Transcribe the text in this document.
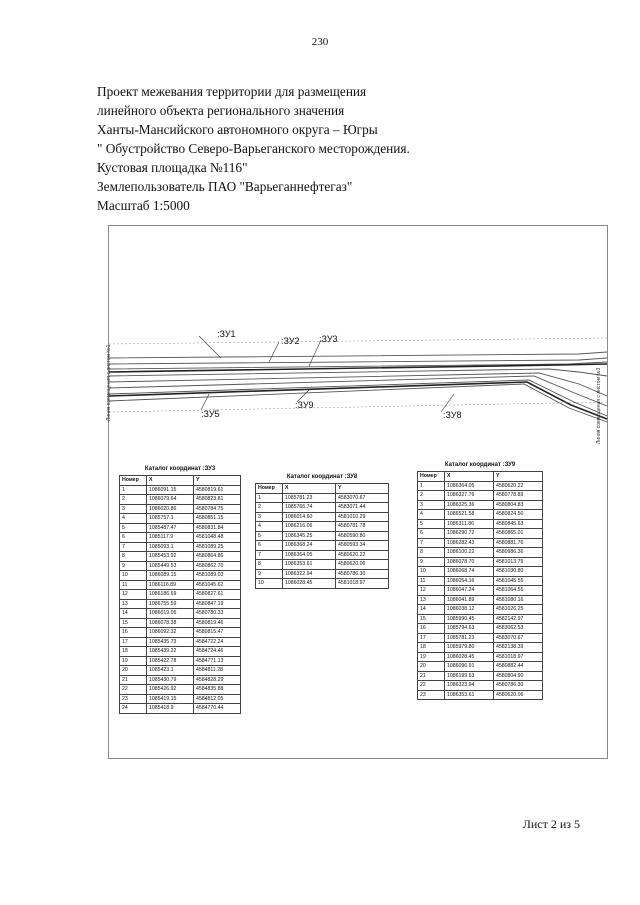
230
Проект межевания территории для размещения
линейного объекта регионального значения
Ханты-Мансийского автономного округа – Югры
" Обустройство Северо-Варьеганского месторождения.
Кустовая площадка №116"
Землепользователь ПАО "Варьеганнефтегаз"
Масштаб 1:5000
:ЗУ1
:ЗУ2 :ЗУ3
:ЗУ5
:ЗУ9
:ЗУ8
Линия совмещения с листом №1	Линия совмещения с листом №3
Каталог координат :ЗУ3
Номер	X	Y
1	1086091.15	4580819.61
2	1086079.64	4580823.81
3	1086020.86	4580784.75
4	1085757.1	4580851.15
5	1085487.47	4580831.84
6	1085117.9	4581048.48
7	1085093.1	4581089.25
8	1085453.92	4580864.86
9	1085449.53	4580862.70
10	1086089.15	4581089.03
11	1086116.89	4581045.62
12	1086186.69	4580827.61
13	1086755.59	4580847.19
14	1086019.05	4580780.33
15	1086078.38	4580819.46
16	1086092.32	4580815.47
17	1085435.73	4584722.24
18	1085439.22	4584724.46
19	1085422.78	4584771.13
20	1085423.1	4584811.28
21	1085430.79	4584828.29
22	1085426.92	4584835.88
23	1085419.15	4584812.05
24	1085418.9	4584770.44
Каталог координат :ЗУ8
Номер	X	Y
1	1085781.23	4583070.67
2	1085766.74	4583071.44
3	1086014.60	4581010.29
4	1086216.06	4580781.78
5	1086345.25	4580590.80
6	1086368.24	4580593.34
7	1086364.05	4580620.22
8	1086353.61	4580620.06
9	1086322.94	4580786.30
10	1086028.45	4581018.97
Каталог координат :ЗУ9
Номер	X	Y
1	1086364.05	4580620.22
2	1086327.76	4580778.89
3	1086325.36	4580804.83
4	1086521.58	4580824.50
5	1086311.86	4580845.63
6	1086290.72	4580865.01
7	1086282.43	4580881.76
8	1086100.22	4580986.36
9	1086078.70	4581013.79
10	1086068.74	4581030.80
11	1086054.16	4581045.55
12	1086047.24	4581064.55
13	1086041.89	4581080.16
14	1086038.12	4581026.25
15	1085990.45	4582142.97
16	1085794.63	4583062.53
17	1085781.23	4583070.67
18	1085979.80	4582138.39
19	1086028.45	4581018.97
20	1086096.91	4580882.44
21	1086199.63	4580804.90
22	1086323.94	4580786.30
23	1086353.61	4580620.06
Лист 2 из 5
